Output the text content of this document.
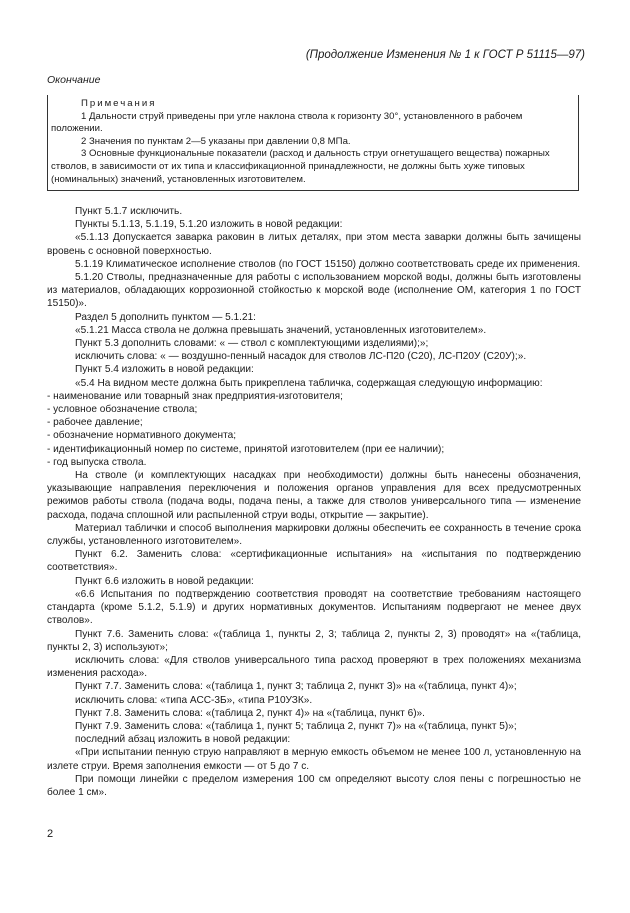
(Продолжение Изменения № 1 к ГОСТ Р 51115—97)
Окончание

Примечания

1 Дальности струй приведены при угле наклона ствола к горизонту 30°, установленного в рабочем положении.

2 Значения по пунктам 2—5 указаны при давлении 0,8 МПа.

3 Основные функциональные показатели (расход и дальность струи огнетушащего вещества) пожарных стволов, в зависимости от их типа и классификационной принадлежности, не должны быть хуже типовых (номинальных) значений, установленных изготовителем.

Пункт 5.1.7 исключить.

Пункты 5.1.13, 5.1.19, 5.1.20 изложить в новой редакции:

«5.1.13 Допускается заварка раковин в литых деталях, при этом места заварки должны быть зачищены вровень с основной поверхностью.

5.1.19 Климатическое исполнение стволов (по ГОСТ 15150) должно соответствовать среде их применения.

5.1.20 Стволы, предназначенные для работы с использованием морской воды, должны быть изготовлены из материалов, обладающих коррозионной стойкостью к морской воде (исполнение ОМ, категория 1 по ГОСТ 15150)».

Раздел 5 дополнить пунктом — 5.1.21:

«5.1.21 Масса ствола не должна превышать значений, установленных изготовителем».

Пункт 5.3 дополнить словами: « — ствол с комплектующими изделиями);»;

исключить слова: « — воздушно-пенный насадок для стволов ЛС-П20 (С20), ЛС-П20У (С20У);».

Пункт 5.4 изложить в новой редакции:

«5.4 На видном месте должна быть прикреплена табличка, содержащая следующую информацию:

- наименование или товарный знак предприятия-изготовителя;

- условное обозначение ствола;

- рабочее давление;

- обозначение нормативного документа;

- идентификационный номер по системе, принятой изготовителем (при ее наличии);

- год выпуска ствола.

На стволе (и комплектующих насадках при необходимости) должны быть нанесены обозначения, указывающие направления переключения и положения органов управления для всех предусмотренных режимов работы ствола (подача воды, подача пены, а также для стволов универсального типа — изменение расхода, подача сплошной или распыленной струи воды, открытие — закрытие).

Материал таблички и способ выполнения маркировки должны обеспечить ее сохранность в течение срока службы, установленного изготовителем».

Пункт 6.2. Заменить слова: «сертификационные испытания» на «испытания по подтверждению соответствия».

Пункт 6.6 изложить в новой редакции:

«6.6 Испытания по подтверждению соответствия проводят на соответствие требованиям настоящего стандарта (кроме 5.1.2, 5.1.9) и других нормативных документов. Испытаниям подвергают не менее двух стволов».

Пункт 7.6. Заменить слова: «(таблица 1, пункты 2, 3; таблица 2, пункты 2, 3) проводят» на «(таблица, пункты 2, 3) используют»;

исключить слова: «Для стволов универсального типа расход проверяют в трех положениях механизма изменения расхода».

Пункт 7.7. Заменить слова: «(таблица 1, пункт 3; таблица 2, пункт 3)» на «(таблица, пункт 4)»;

исключить слова: «типа АСС-3Б», «типа Р10УЗК».

Пункт 7.8. Заменить слова: «(таблица 2, пункт 4)» на «(таблица, пункт 6)».

Пункт 7.9. Заменить слова: «(таблица 1, пункт 5; таблица 2, пункт 7)» на «(таблица, пункт 5)»;

последний абзац изложить в новой редакции:

«При испытании пенную струю направляют в мерную емкость объемом не менее 100 л, установленную на излете струи. Время заполнения емкости — от 5 до 7 с.

При помощи линейки с пределом измерения 100 см определяют высоту слоя пены с погрешностью не более 1 см».

2
